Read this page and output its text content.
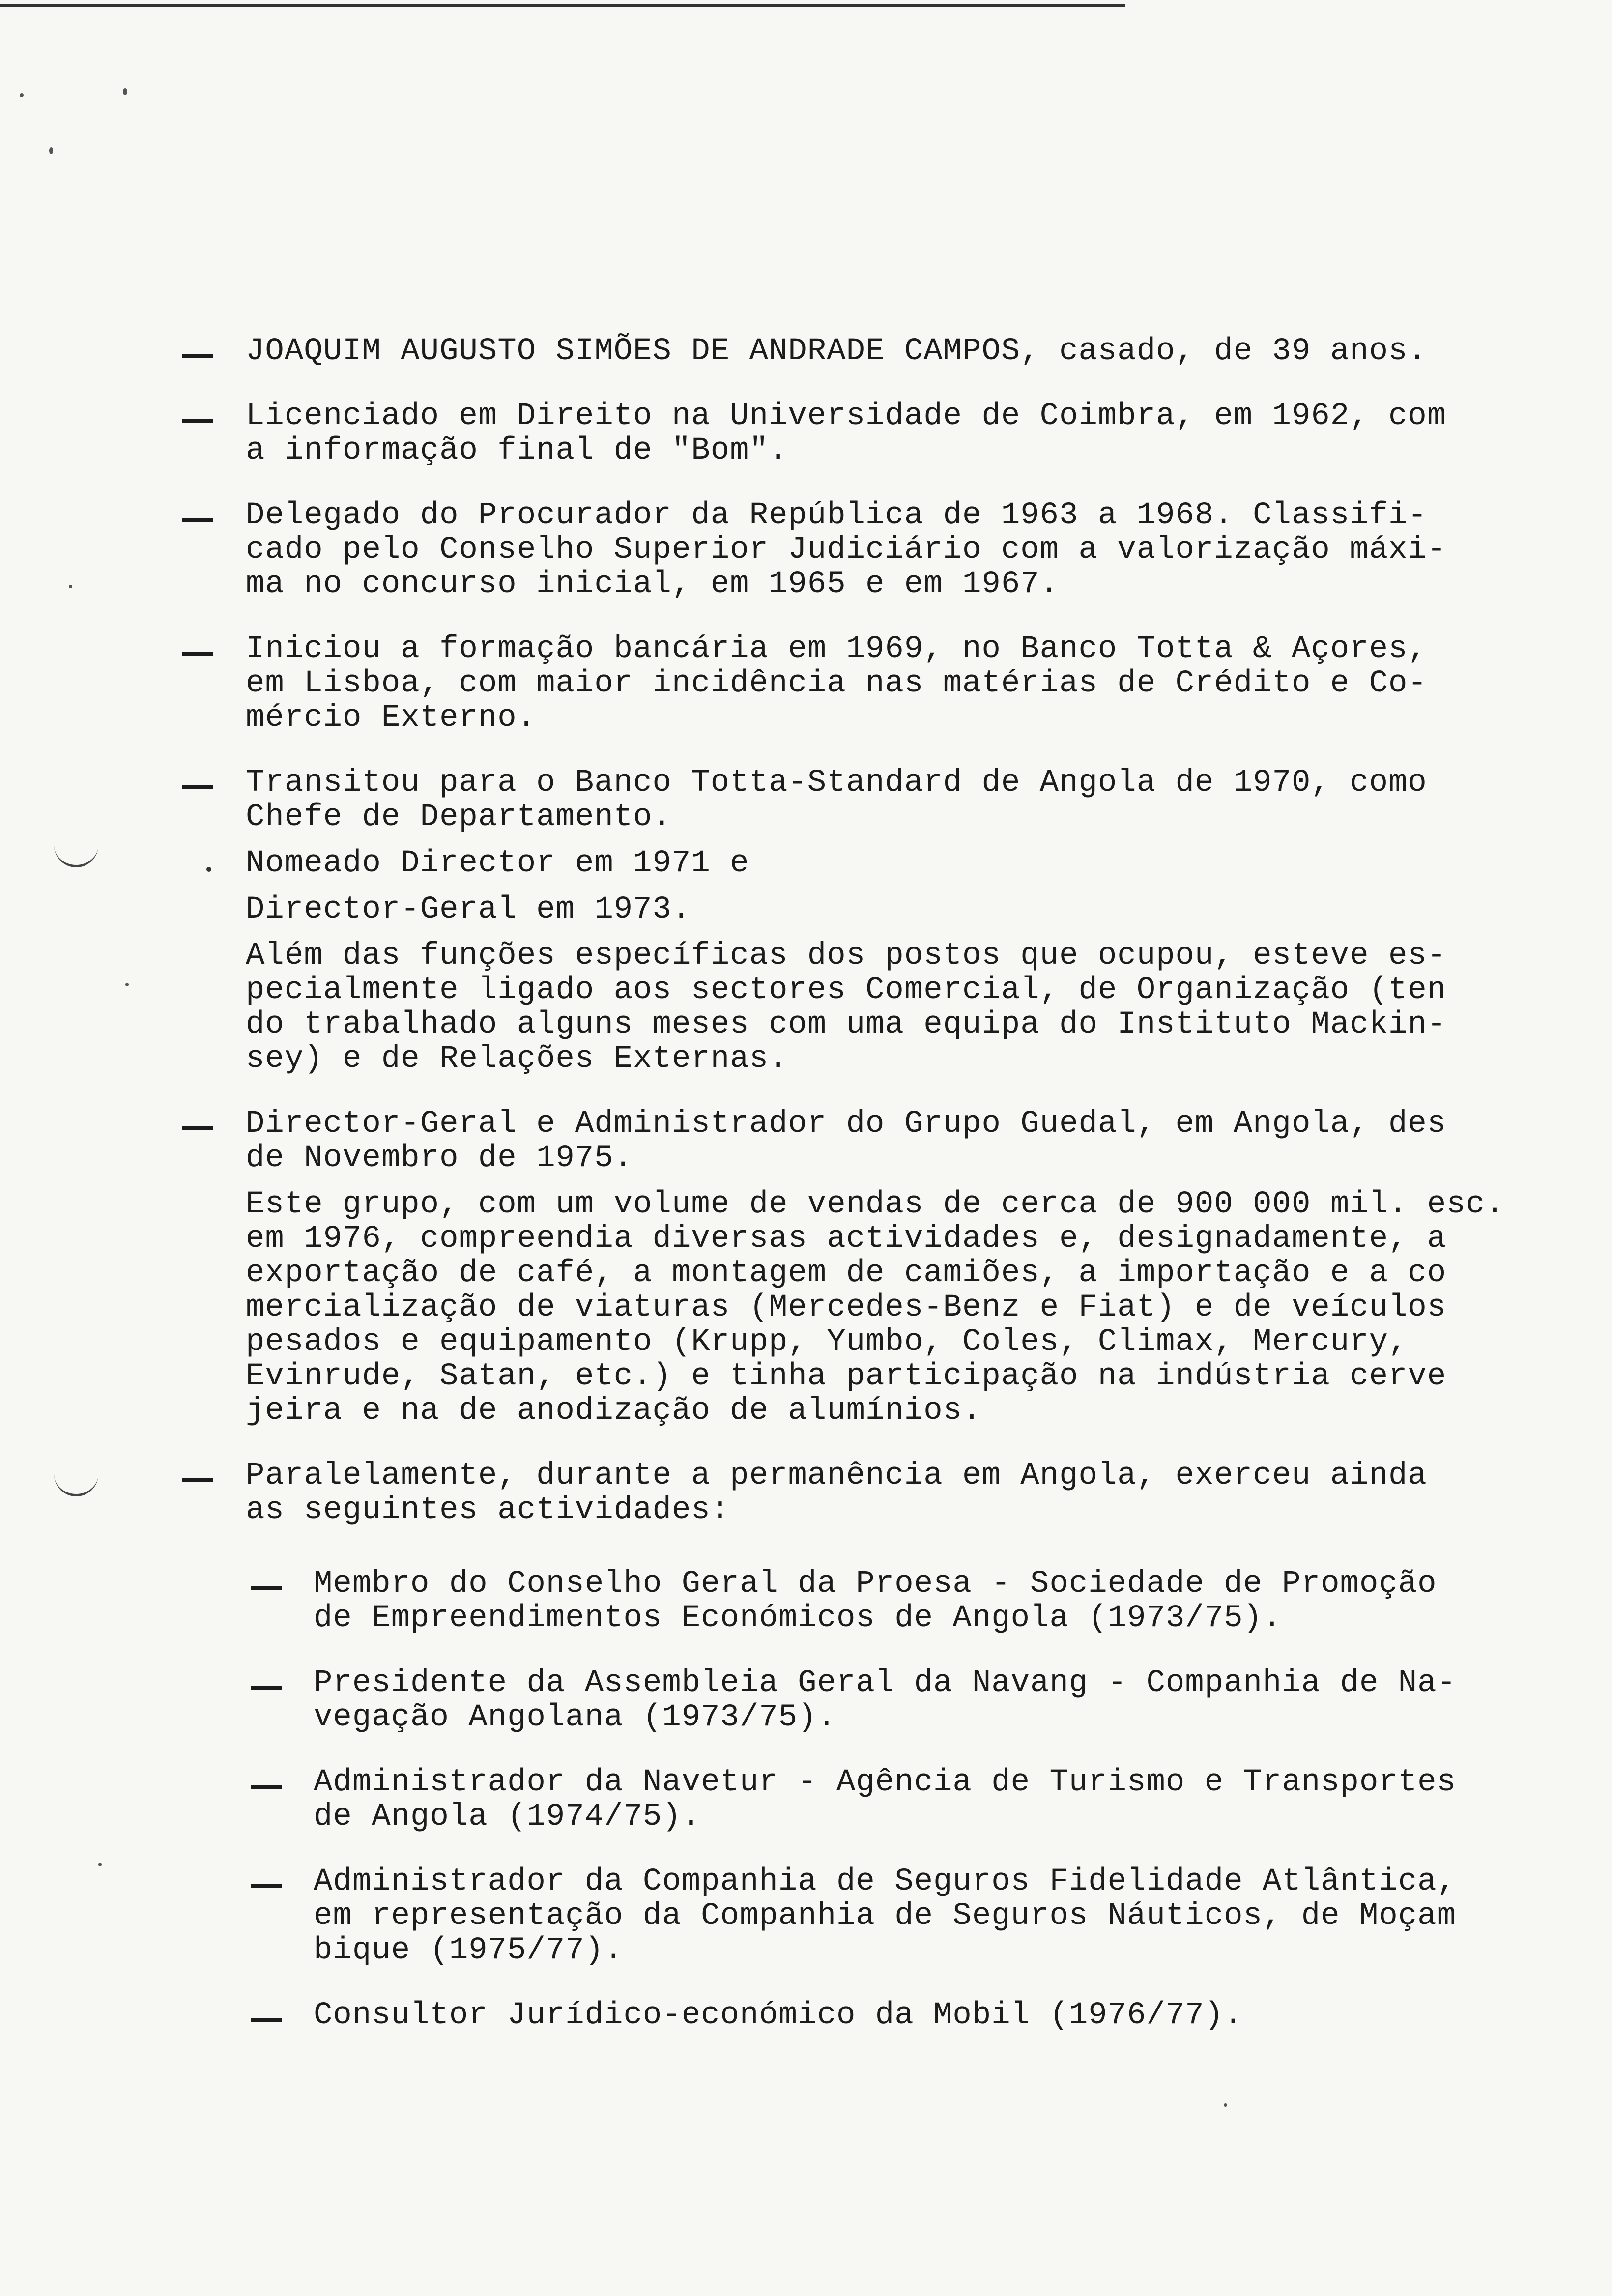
JOAQUIM AUGUSTO SIMÕES DE ANDRADE CAMPOS, casado, de 39 anos.
Licenciado em Direito na Universidade de Coimbra, em 1962, com
a informação final de "Bom".
Delegado do Procurador da República de 1963 a 1968. Classifi-
cado pelo Conselho Superior Judiciário com a valorização máxi-
ma no concurso inicial, em 1965 e em 1967.
Iniciou a formação bancária em 1969, no Banco Totta & Açores,
em Lisboa, com maior incidência nas matérias de Crédito e Co-
mércio Externo.
Transitou para o Banco Totta-Standard de Angola de 1970, como
Chefe de Departamento.
Nomeado Director em 1971 e
Director-Geral em 1973.
Além das funções específicas dos postos que ocupou, esteve es-
pecialmente ligado aos sectores Comercial, de Organização (ten
do trabalhado alguns meses com uma equipa do Instituto Mackin-
sey) e de Relações Externas.
Director-Geral e Administrador do Grupo Guedal, em Angola, des
de Novembro de 1975.
Este grupo, com um volume de vendas de cerca de 900 000 mil. esc.
em 1976, compreendia diversas actividades e, designadamente, a
exportação de café, a montagem de camiões, a importação e a co
mercialização de viaturas (Mercedes-Benz e Fiat) e de veículos
pesados e equipamento (Krupp, Yumbo, Coles, Climax, Mercury,
Evinrude, Satan, etc.) e tinha participação na indústria cerve
jeira e na de anodização de alumínios.
Paralelamente, durante a permanência em Angola, exerceu ainda
as seguintes actividades:
Membro do Conselho Geral da Proesa - Sociedade de Promoção
de Empreendimentos Económicos de Angola (1973/75).
Presidente da Assembleia Geral da Navang - Companhia de Na-
vegação Angolana (1973/75).
Administrador da Navetur - Agência de Turismo e Transportes
de Angola (1974/75).
Administrador da Companhia de Seguros Fidelidade Atlântica,
em representação da Companhia de Seguros Náuticos, de Moçam
bique (1975/77).
Consultor Jurídico-económico da Mobil (1976/77).
